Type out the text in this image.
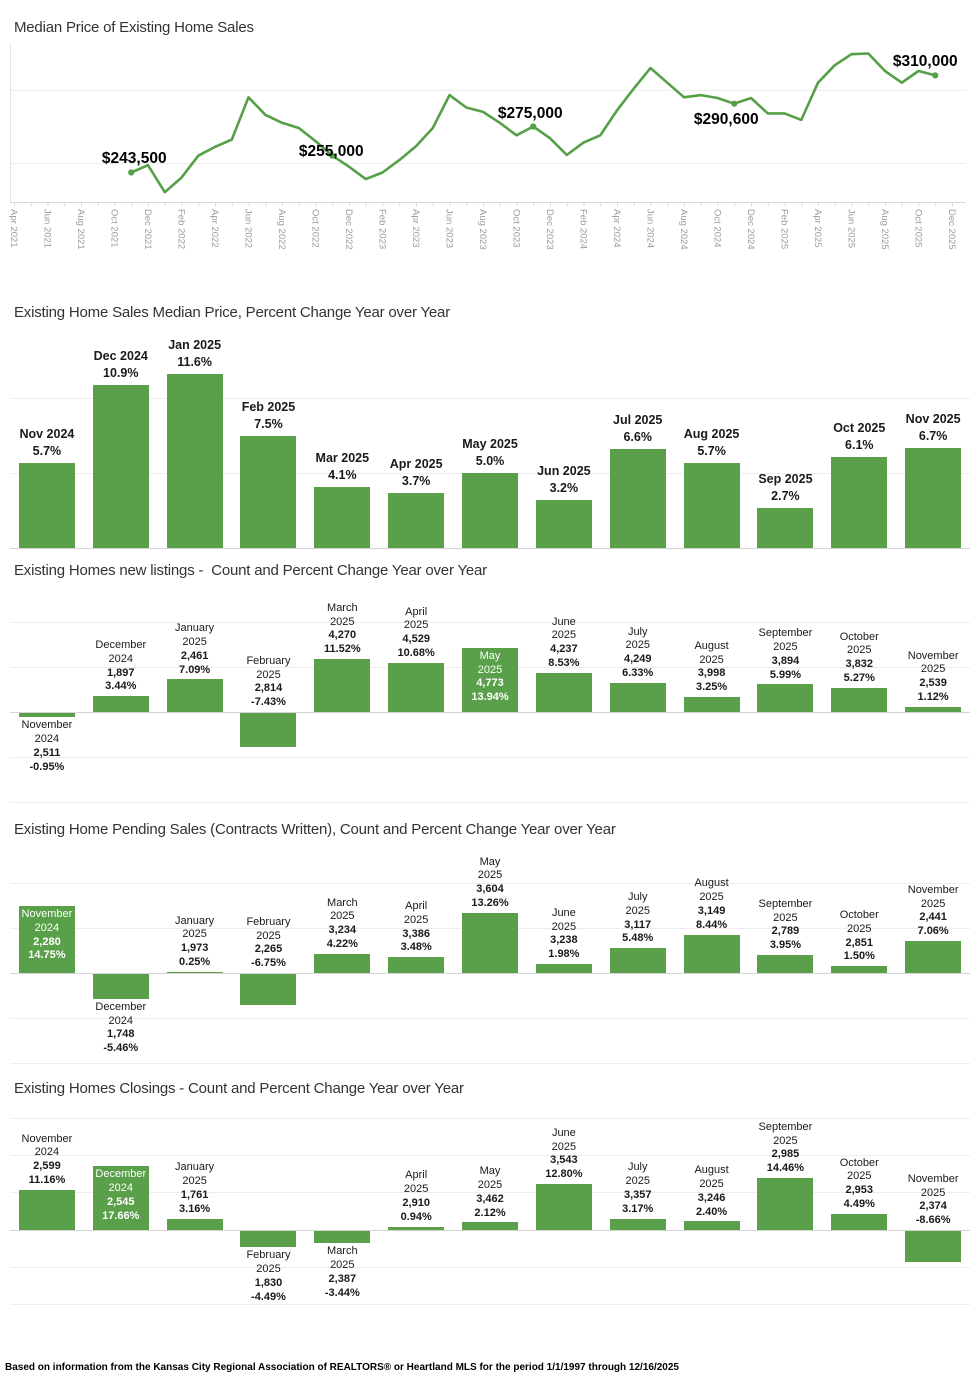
Median Price of Existing Home Sales
$243,500	$255,000
$275,000	$290,600
$310,000
Apr 2021 Jun 2021 Aug 2021 Oct 2021 Dec 2021 Feb 2022 Apr 2022 Jun 2022 Aug 2022 Oct 2022 Dec 2022 Feb 2023 Apr 2023 Jun 2023 Aug 2023 Oct 2023 Dec 2023 Feb 2024 Apr 2024 Jun 2024 Aug 2024 Oct 2024 Dec 2024 Feb 2025 Apr 2025 Jun 2025 Aug 2025 Oct 2025 Dec 2025
Existing Home Sales Median Price, Percent Change Year over Year
Nov 2024
5.7%
Dec 2024
10.9%
Jan 2025
11.6%
Feb 2025
7.5%
Mar 2025
4.1%
Apr 2025
3.7%
May 2025
5.0%
Jun 2025
3.2%
Jul 2025
6.6%	Aug 2025
5.7%
Sep 2025
2.7%
Oct 2025
6.1%
Nov 2025
6.7%
Existing Homes new listings -  Count and Percent Change Year over Year
November
2024
2,511
-0.95%
December
2024
1,897
3.44%
January
2025
2,461
7.09%
February
2025
2,814
-7.43%
March
2025
4,270
11.52%
April
2025
4,529
10.68%	May
2025
4,773
13.94%
June
2025
4,237
8.53%
July
2025
4,249
6.33%
August
2025
3,998
3.25%
September
2025
3,894
5.99%
October
2025
3,832
5.27%
November
2025
2,539
1.12%
Existing Home Pending Sales (Contracts Written), Count and Percent Change Year over Year
November
2024
2,280
14.75%
December
2024
1,748
-5.46%
January
2025
1,973
0.25%
February
2025
2,265
-6.75%
March
2025
3,234
4.22%
April
2025
3,386
3.48%
May
2025
3,604
13.26%
June
2025
3,238
1.98%
July
2025
3,117
5.48%
August
2025
3,149
8.44%
September
2025
2,789
3.95%
October
2025
2,851
1.50%
November
2025
2,441
7.06%
Existing Homes Closings - Count and Percent Change Year over Year
November
2024
2,599
11.16%	December
2024
2,545
17.66%
January
2025
1,761
3.16%
February
2025
1,830
-4.49%
March
2025
2,387
-3.44%
April
2025
2,910
0.94%
May
2025
3,462
2.12%
June
2025
3,543
12.80%
July
2025
3,357
3.17%
August
2025
3,246
2.40%
September
2025
2,985
14.46%	October
2025
2,953
4.49%
November
2025
2,374
-8.66%
Based on information from the Kansas City Regional Association of REALTORS® or Heartland MLS for the period 1/1/1997 through 12/16/2025
